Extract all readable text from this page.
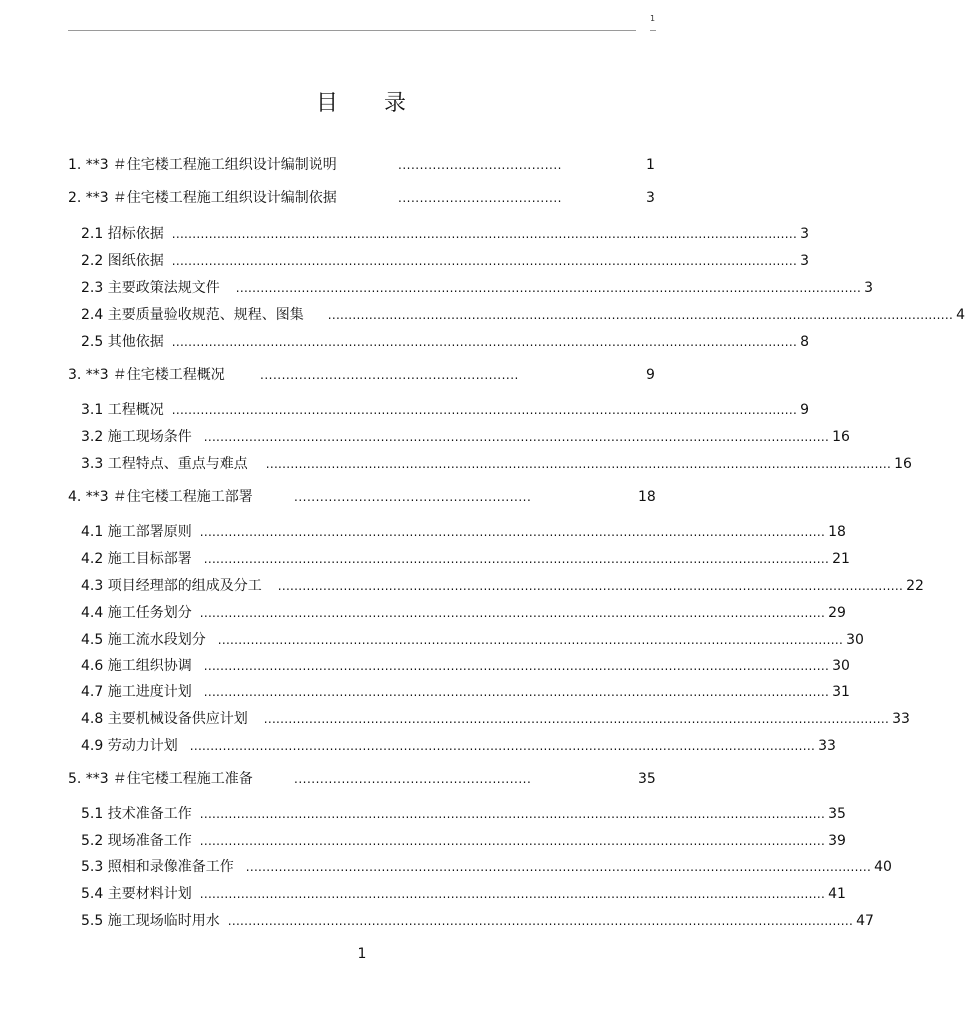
1
目 录
1. **3 ＃住宅楼工程施工组织设计编制说明	......................................	1
2. **3 ＃住宅楼工程施工组织设计编制依据	......................................	3
2.1 招标依据 ........................................................................................................................................................ 3
2.2 图纸依据 ........................................................................................................................................................ 3
2.3 主要政策法规文件 ........................................................................................................................................................ 3
2.4 主要质量验收规范、规程、图集 ........................................................................................................................................................ 4
2.5 其他依据 ........................................................................................................................................................ 8
3. **3 ＃住宅楼工程概况	............................................................	9
3.1 工程概况 ........................................................................................................................................................ 9
3.2 施工现场条件 ........................................................................................................................................................ 16
3.3 工程特点、重点与难点 ........................................................................................................................................................ 16
4. **3 ＃住宅楼工程施工部署	.......................................................	18
4.1 施工部署原则 ........................................................................................................................................................ 18
4.2 施工目标部署 ........................................................................................................................................................ 21
4.3 项目经理部的组成及分工 ........................................................................................................................................................ 22
4.4 施工任务划分 ........................................................................................................................................................ 29
4.5 施工流水段划分 ........................................................................................................................................................ 30
4.6 施工组织协调 ........................................................................................................................................................ 30
4.7 施工进度计划 ........................................................................................................................................................ 31
4.8 主要机械设备供应计划 ........................................................................................................................................................ 33
4.9 劳动力计划 ........................................................................................................................................................ 33
5. **3 ＃住宅楼工程施工准备	.......................................................	35
5.1 技术准备工作 ........................................................................................................................................................ 35
5.2 现场准备工作 ........................................................................................................................................................ 39
5.3 照相和录像准备工作 ........................................................................................................................................................ 40
5.4 主要材料计划 ........................................................................................................................................................ 41
5.5 施工现场临时用水 ........................................................................................................................................................ 47
1
